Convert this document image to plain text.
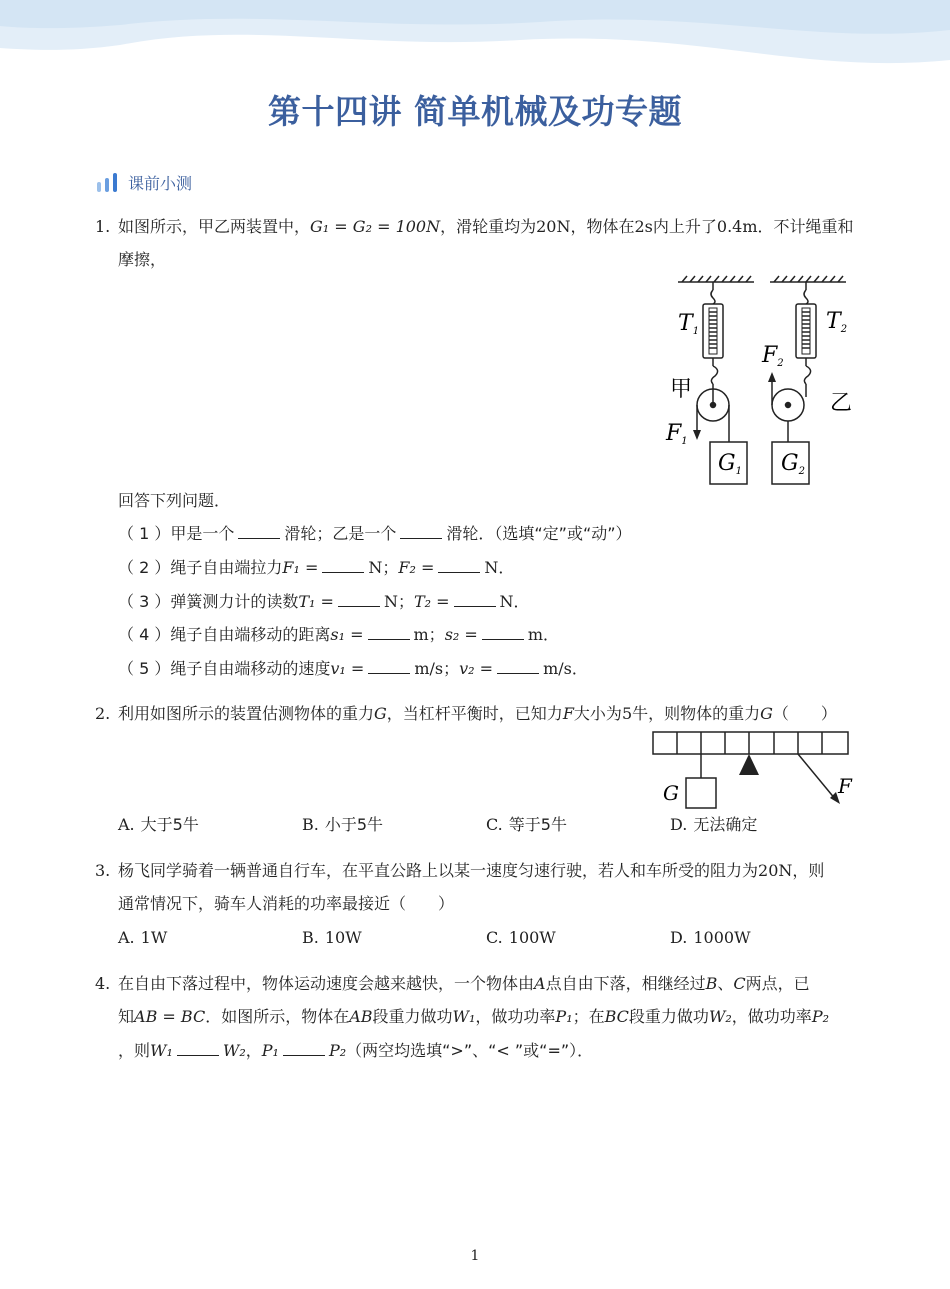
第十四讲 简单机械及功专题
课前小测
1. 如图所示，甲乙两装置中，G₁ = G₂ = 100N，滑轮重均为20N，物体在2s内上升了0.4m．不计绳重和
摩擦，
T1	T2
F2
甲
乙
F1
G1 G2
回答下列问题．
（ 1 ）甲是一个	滑轮；乙是一个	滑轮．（选填“定”或“动”）
（ 2 ）绳子自由端拉力F₁ =	N；F₂ =	N．
（ 3 ）弹簧测力计的读数T₁ =	N；T₂ =	N．
（ 4 ）绳子自由端移动的距离s₁ =	m；s₂ =	m．
（ 5 ）绳子自由端移动的速度v₁ =	m/s；v₂ =	m/s．
2. 利用如图所示的装置估测物体的重力G，当杠杆平衡时，已知力F大小为5牛，则物体的重力G（　　）
G	F
A. 大于5牛	B. 小于5牛	C. 等于5牛	D. 无法确定
3. 杨飞同学骑着一辆普通自行车，在平直公路上以某一速度匀速行驶，若人和车所受的阻力为20N，则
通常情况下，骑车人消耗的功率最接近（　　）
A. 1W	B. 10W	C. 100W	D. 1000W
4. 在自由下落过程中，物体运动速度会越来越快，一个物体由A点自由下落，相继经过B、C两点，已
知AB = BC．如图所示，物体在AB段重力做功W₁，做功功率P₁；在BC段重力做功W₂，做功功率P₂
，则W₁	W₂，P₁	P₂（两空均选填“>”、“< ”或“=”）．
1
